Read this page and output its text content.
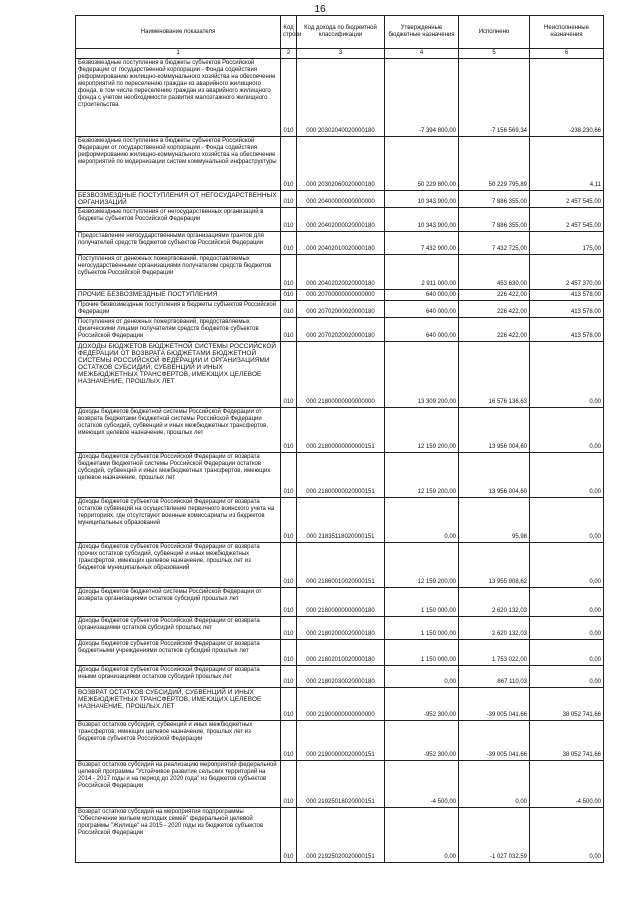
16
Наименование показателя	Код строки	Код дохода по бюджетной классификации	Утвержденные бюджетные назначения	Исполнено	Неисполненные назначения
1	2	3	4	5	6
Безвозмездные поступления в бюджеты субъектов Российской Федерации от государственной корпорации - Фонда содействия реформированию жилищно-коммунального хозяйства на обеспечение мероприятий по переселению граждан из аварийного жилищного фонда, в том числе переселению граждан из аварийного жилищного фонда с учетом необходимости развития малоэтажного жилищного строительства	010	000 20302040020000180	-7 394 800,00	-7 156 569,34	-238 230,66
Безвозмездные поступления в бюджеты субъектов Российской Федерации от государственной корпорации - Фонда содействия реформированию жилищно-коммунального хозяйства на обеспечение мероприятий по модернизации систем коммунальной инфраструктуры	010	000 20302060020000180	50 229 800,00	50 229 795,89	4,11
БЕЗВОЗМЕЗДНЫЕ ПОСТУПЛЕНИЯ ОТ НЕГОСУДАРСТВЕННЫХ ОРГАНИЗАЦИЙ	010	000 20400000000000000	10 343 900,00	7 886 355,00	2 457 545,00
Безвозмездные поступления от негосударственных организаций в бюджеты субъектов Российской Федерации	010	000 20402000020000180	10 343 900,00	7 886 355,00	2 457 545,00
Предоставление негосударственными организациями грантов для получателей средств бюджетов субъектов Российской Федерации	010	000 20402010020000180	7 432 900,00	7 432 725,00	175,00
Поступления от денежных пожертвований, предоставляемых негосударственными организациями получателям средств бюджетов субъектов Российской Федерации	010	000 20402020020000180	2 911 000,00	453 630,00	2 457 370,00
ПРОЧИЕ БЕЗВОЗМЕЗДНЫЕ ПОСТУПЛЕНИЯ	010	000 20700000000000000	640 000,00	226 422,00	413 578,00
Прочие безвозмездные поступления в бюджеты субъектов Российской Федерации	010	000 20702000020000180	640 000,00	226 422,00	413 578,00
Поступления от денежных пожертвований, предоставляемых физическими лицами получателям средств бюджетов субъектов Российской Федерации	010	000 20702020020000180	640 000,00	226 422,00	413 578,00
ДОХОДЫ БЮДЖЕТОВ БЮДЖЕТНОЙ СИСТЕМЫ РОССИЙСКОЙ ФЕДЕРАЦИИ ОТ ВОЗВРАТА БЮДЖЕТАМИ БЮДЖЕТНОЙ СИСТЕМЫ РОССИЙСКОЙ ФЕДЕРАЦИИ И ОРГАНИЗАЦИЯМИ ОСТАТКОВ СУБСИДИЙ, СУБВЕНЦИЙ И ИНЫХ МЕЖБЮДЖЕТНЫХ ТРАНСФЕРТОВ, ИМЕЮЩИХ ЦЕЛЕВОЕ НАЗНАЧЕНИЕ, ПРОШЛЫХ ЛЕТ	010	000 21800000000000000	13 309 200,00	16 576 136,63	0,00
Доходы бюджетов бюджетной системы Российской Федерации от возврата бюджетами бюджетной системы Российской Федерации остатков субсидий, субвенций и иных межбюджетных трансфертов, имеющих целевое назначение, прошлых лет	010	000 21800000000000151	12 159 200,00	13 956 004,60	0,00
Доходы бюджетов субъектов Российской Федерации от возврата бюджетами бюджетной системы Российской Федерации остатков субсидий, субвенций и иных межбюджетных трансфертов, имеющих целевое назначение, прошлых лет	010	000 21800000020000151	12 159 200,00	13 956 004,60	0,00
Доходы бюджетов субъектов Российской Федерации от возврата остатков субвенций на осуществление первичного воинского учета на территориях, где отсутствуют военные комиссариаты из бюджетов муниципальных образований	010	000 21835118020000151	0,00	95,98	0,00
Доходы бюджетов субъектов Российской Федерации от возврата прочих остатков субсидий, субвенций и иных межбюджетных трансфертов, имеющих целевое назначение, прошлых лет из бюджетов муниципальных образований	010	000 21860010020000151	12 159 200,00	13 955 908,62	0,00
Доходы бюджетов бюджетной системы Российской Федерации от возврата организациями остатков субсидий прошлых лет	010	000 21800000000000180	1 150 000,00	2 620 132,03	0,00
Доходы бюджетов субъектов Российской Федерации от возврата организациями остатков субсидий прошлых лет	010	000 21802000020000180	1 150 000,00	2 620 132,03	0,00
Доходы бюджетов субъектов Российской Федерации от возврата бюджетными учреждениями остатков субсидий прошлых лет	010	000 21802010020000180	1 150 000,00	1 753 022,00	0,00
Доходы бюджетов субъектов Российской Федерации от возврата иными организациями остатков субсидий прошлых лет	010	000 21802030020000180	0,00	867 110,03	0,00
ВОЗВРАТ ОСТАТКОВ СУБСИДИЙ, СУБВЕНЦИЙ И ИНЫХ МЕЖБЮДЖЕТНЫХ ТРАНСФЕРТОВ, ИМЕЮЩИХ ЦЕЛЕВОЕ НАЗНАЧЕНИЕ, ПРОШЛЫХ ЛЕТ	010	000 21900000000000000	-952 300,00	-39 005 041,66	38 052 741,66
Возврат остатков субсидий, субвенций и иных межбюджетных трансфертов, имеющих целевое назначение, прошлых лет из бюджетов субъектов Российской Федерации	010	000 21900000020000151	-952 300,00	-39 005 041,66	38 052 741,66
Возврат остатков субсидий на реализацию мероприятий федеральной целевой программы "Устойчивое развитие сельских территорий на 2014 - 2017 годы и на период до 2020 года" из бюджетов субъектов Российской Федерации	010	000 21925018020000151	-4 500,00	0,00	-4 500,00
Возврат остатков субсидий на мероприятия подпрограммы "Обеспечение жильем молодых семей" федеральной целевой программы "Жилище" на 2015 - 2020 годы из бюджетов субъектов Российской Федерации	010	000 21925020020000151	0,00	-1 027 032,59	0,00
